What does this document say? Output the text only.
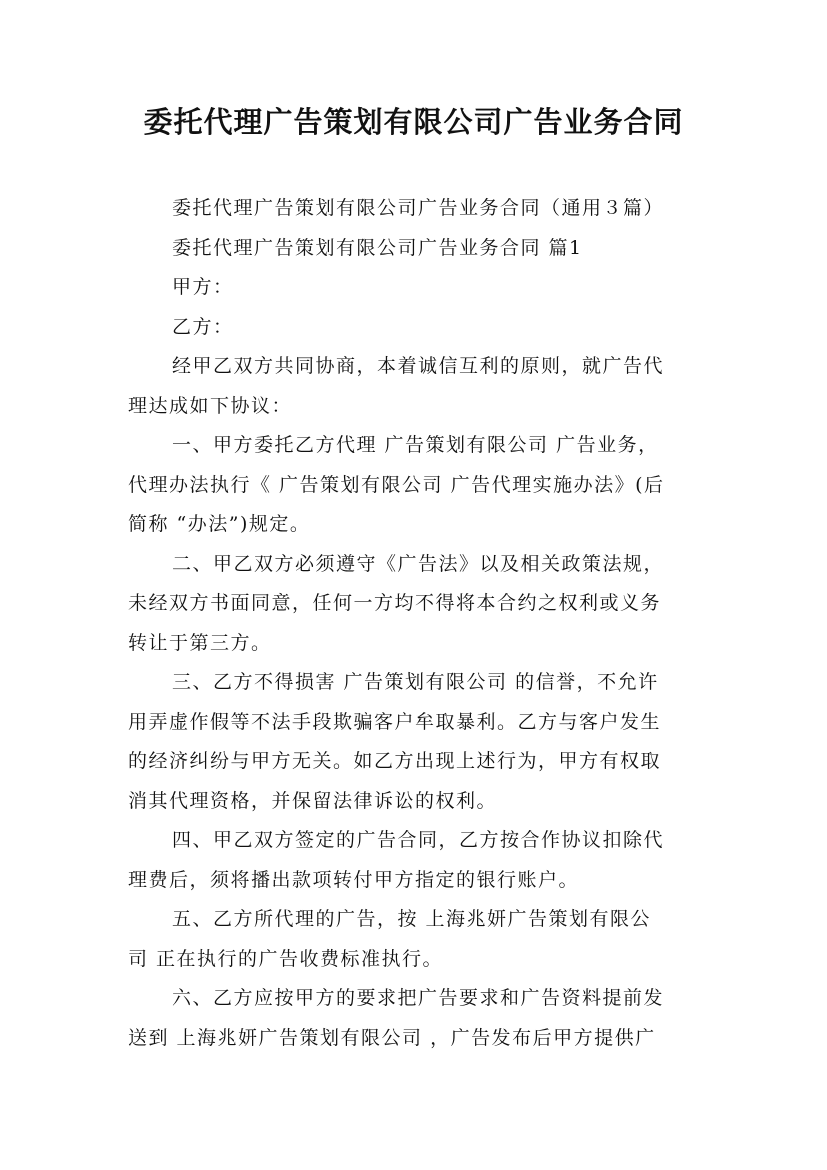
委托代理广告策划有限公司广告业务合同
委托代理广告策划有限公司广告业务合同（通用３篇）
委托代理广告策划有限公司广告业务合同 篇1
甲方：
乙方：
经甲乙双方共同协商，本着诚信互利的原则，就广告代
理达成如下协议：
一、甲方委托乙方代理 广告策划有限公司 广告业务，
代理办法执行《 广告策划有限公司 广告代理实施办法》(后
简称 “办法”)规定。
二、甲乙双方必须遵守《广告法》以及相关政策法规，
未经双方书面同意，任何一方均不得将本合约之权利或义务
转让于第三方。
三、乙方不得损害 广告策划有限公司 的信誉，不允许
用弄虚作假等不法手段欺骗客户牟取暴利。乙方与客户发生
的经济纠纷与甲方无关。如乙方出现上述行为，甲方有权取
消其代理资格，并保留法律诉讼的权利。
四、甲乙双方签定的广告合同，乙方按合作协议扣除代
理费后，须将播出款项转付甲方指定的银行账户。
五、乙方所代理的广告，按 上海兆妍广告策划有限公
司 正在执行的广告收费标准执行。
六、乙方应按甲方的要求把广告要求和广告资料提前发
送到 上海兆妍广告策划有限公司 ，广告发布后甲方提供广
